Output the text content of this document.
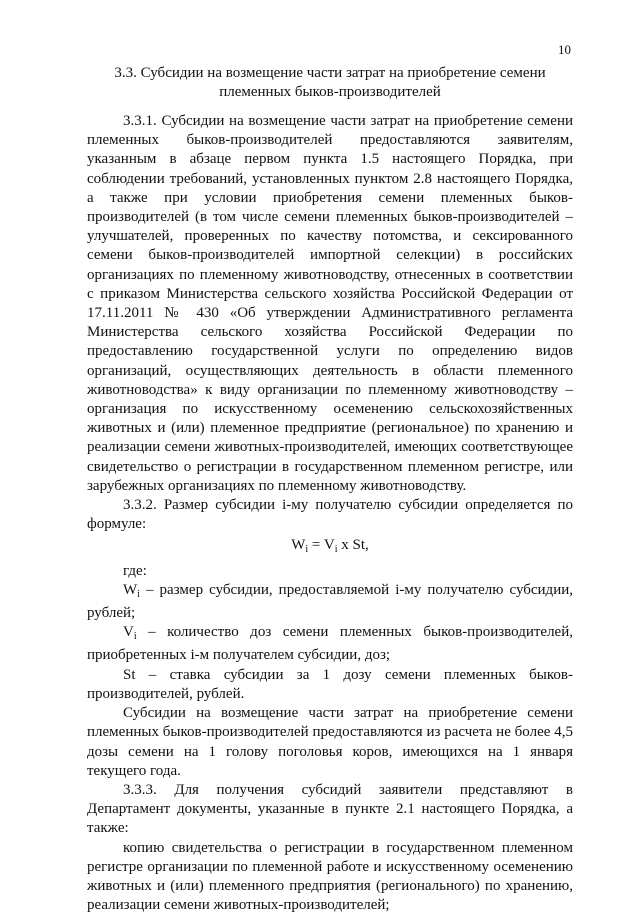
10
3.3. Субсидии на возмещение части затрат на приобретение семени
племенных быков-производителей

3.3.1. Субсидии на возмещение части затрат на приобретение семени племенных быков-производителей предоставляются заявителям, указанным в абзаце первом пункта 1.5 настоящего Порядка, при соблюдении требований, установленных пунктом 2.8 настоящего Порядка, а также при условии приобретения семени племенных быков-производителей (в том числе семени племенных быков-производителей – улучшателей, проверенных по качеству потомства, и сексированного семени быков-производителей импортной селекции) в российских организациях по племенному животноводству, отнесенных в соответствии с приказом Министерства сельского хозяйства Российской Федерации от 17.11.2011 № 430 «Об утверждении Административного регламента Министерства сельского хозяйства Российской Федерации по предоставлению государственной услуги по определению видов организаций, осуществляющих деятельность в области племенного животноводства» к виду организации по племенному животноводству – организация по искусственному осеменению сельскохозяйственных животных и (или) племенное предприятие (региональное) по хранению и реализации семени животных-производителей, имеющих соответствующее свидетельство о регистрации в государственном племенном регистре, или зарубежных организациях по племенному животноводству.

3.3.2. Размер субсидии i-му получателю субсидии определяется по формуле:

$W_i = V_i$ x St,

где:

$W_i$ – размер субсидии, предоставляемой i-му получателю субсидии, рублей;

$V_i$ – количество доз семени племенных быков-производителей, приобретенных i-м получателем субсидии, доз;

St – ставка субсидии за 1 дозу семени племенных быков-производителей, рублей.

Субсидии на возмещение части затрат на приобретение семени племенных быков-производителей предоставляются из расчета не более 4,5 дозы семени на 1 голову поголовья коров, имеющихся на 1 января текущего года.

3.3.3. Для получения субсидий заявители представляют в Департамент документы, указанные в пункте 2.1 настоящего Порядка, а также:

копию свидетельства о регистрации в государственном племенном регистре организации по племенной работе и искусственному осеменению животных и (или) племенного предприятия (регионального) по хранению, реализации семени животных-производителей;
